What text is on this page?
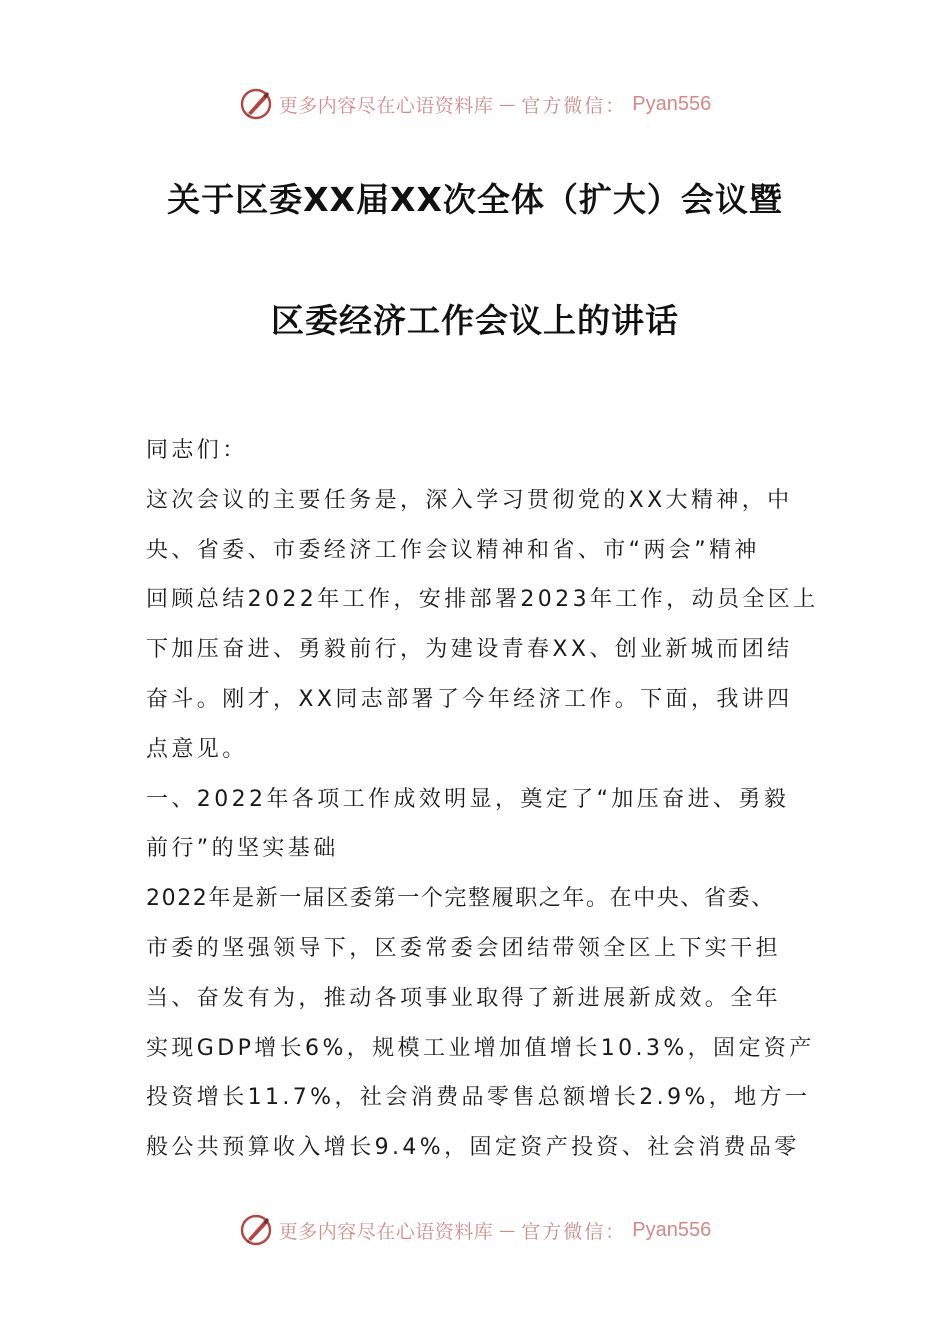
更多内容尽在心语资料库 — 官方微信： Pyan556
关于区委XX届XX次全体（扩大）会议暨
区委经济工作会议上的讲话
同志们：

这次会议的主要任务是，深入学习贯彻党的XX大精神，中
央、省委、市委经济工作会议精神和省、市“两会”精神
回顾总结2022年工作，安排部署2023年工作，动员全区上
下加压奋进、勇毅前行，为建设青春XX、创业新城而团结
奋斗。刚才，XX同志部署了今年经济工作。下面，我讲四
点意见。

一、2022年各项工作成效明显，奠定了“加压奋进、勇毅
前行”的坚实基础

2022年是新一届区委第一个完整履职之年。在中央、省委、
市委的坚强领导下，区委常委会团结带领全区上下实干担
当、奋发有为，推动各项事业取得了新进展新成效。全年
实现GDP增长6%，规模工业增加值增长10.3%，固定资产
投资增长11.7%，社会消费品零售总额增长2.9%，地方一
般公共预算收入增长9.4%，固定资产投资、社会消费品零

更多内容尽在心语资料库 — 官方微信： Pyan556
